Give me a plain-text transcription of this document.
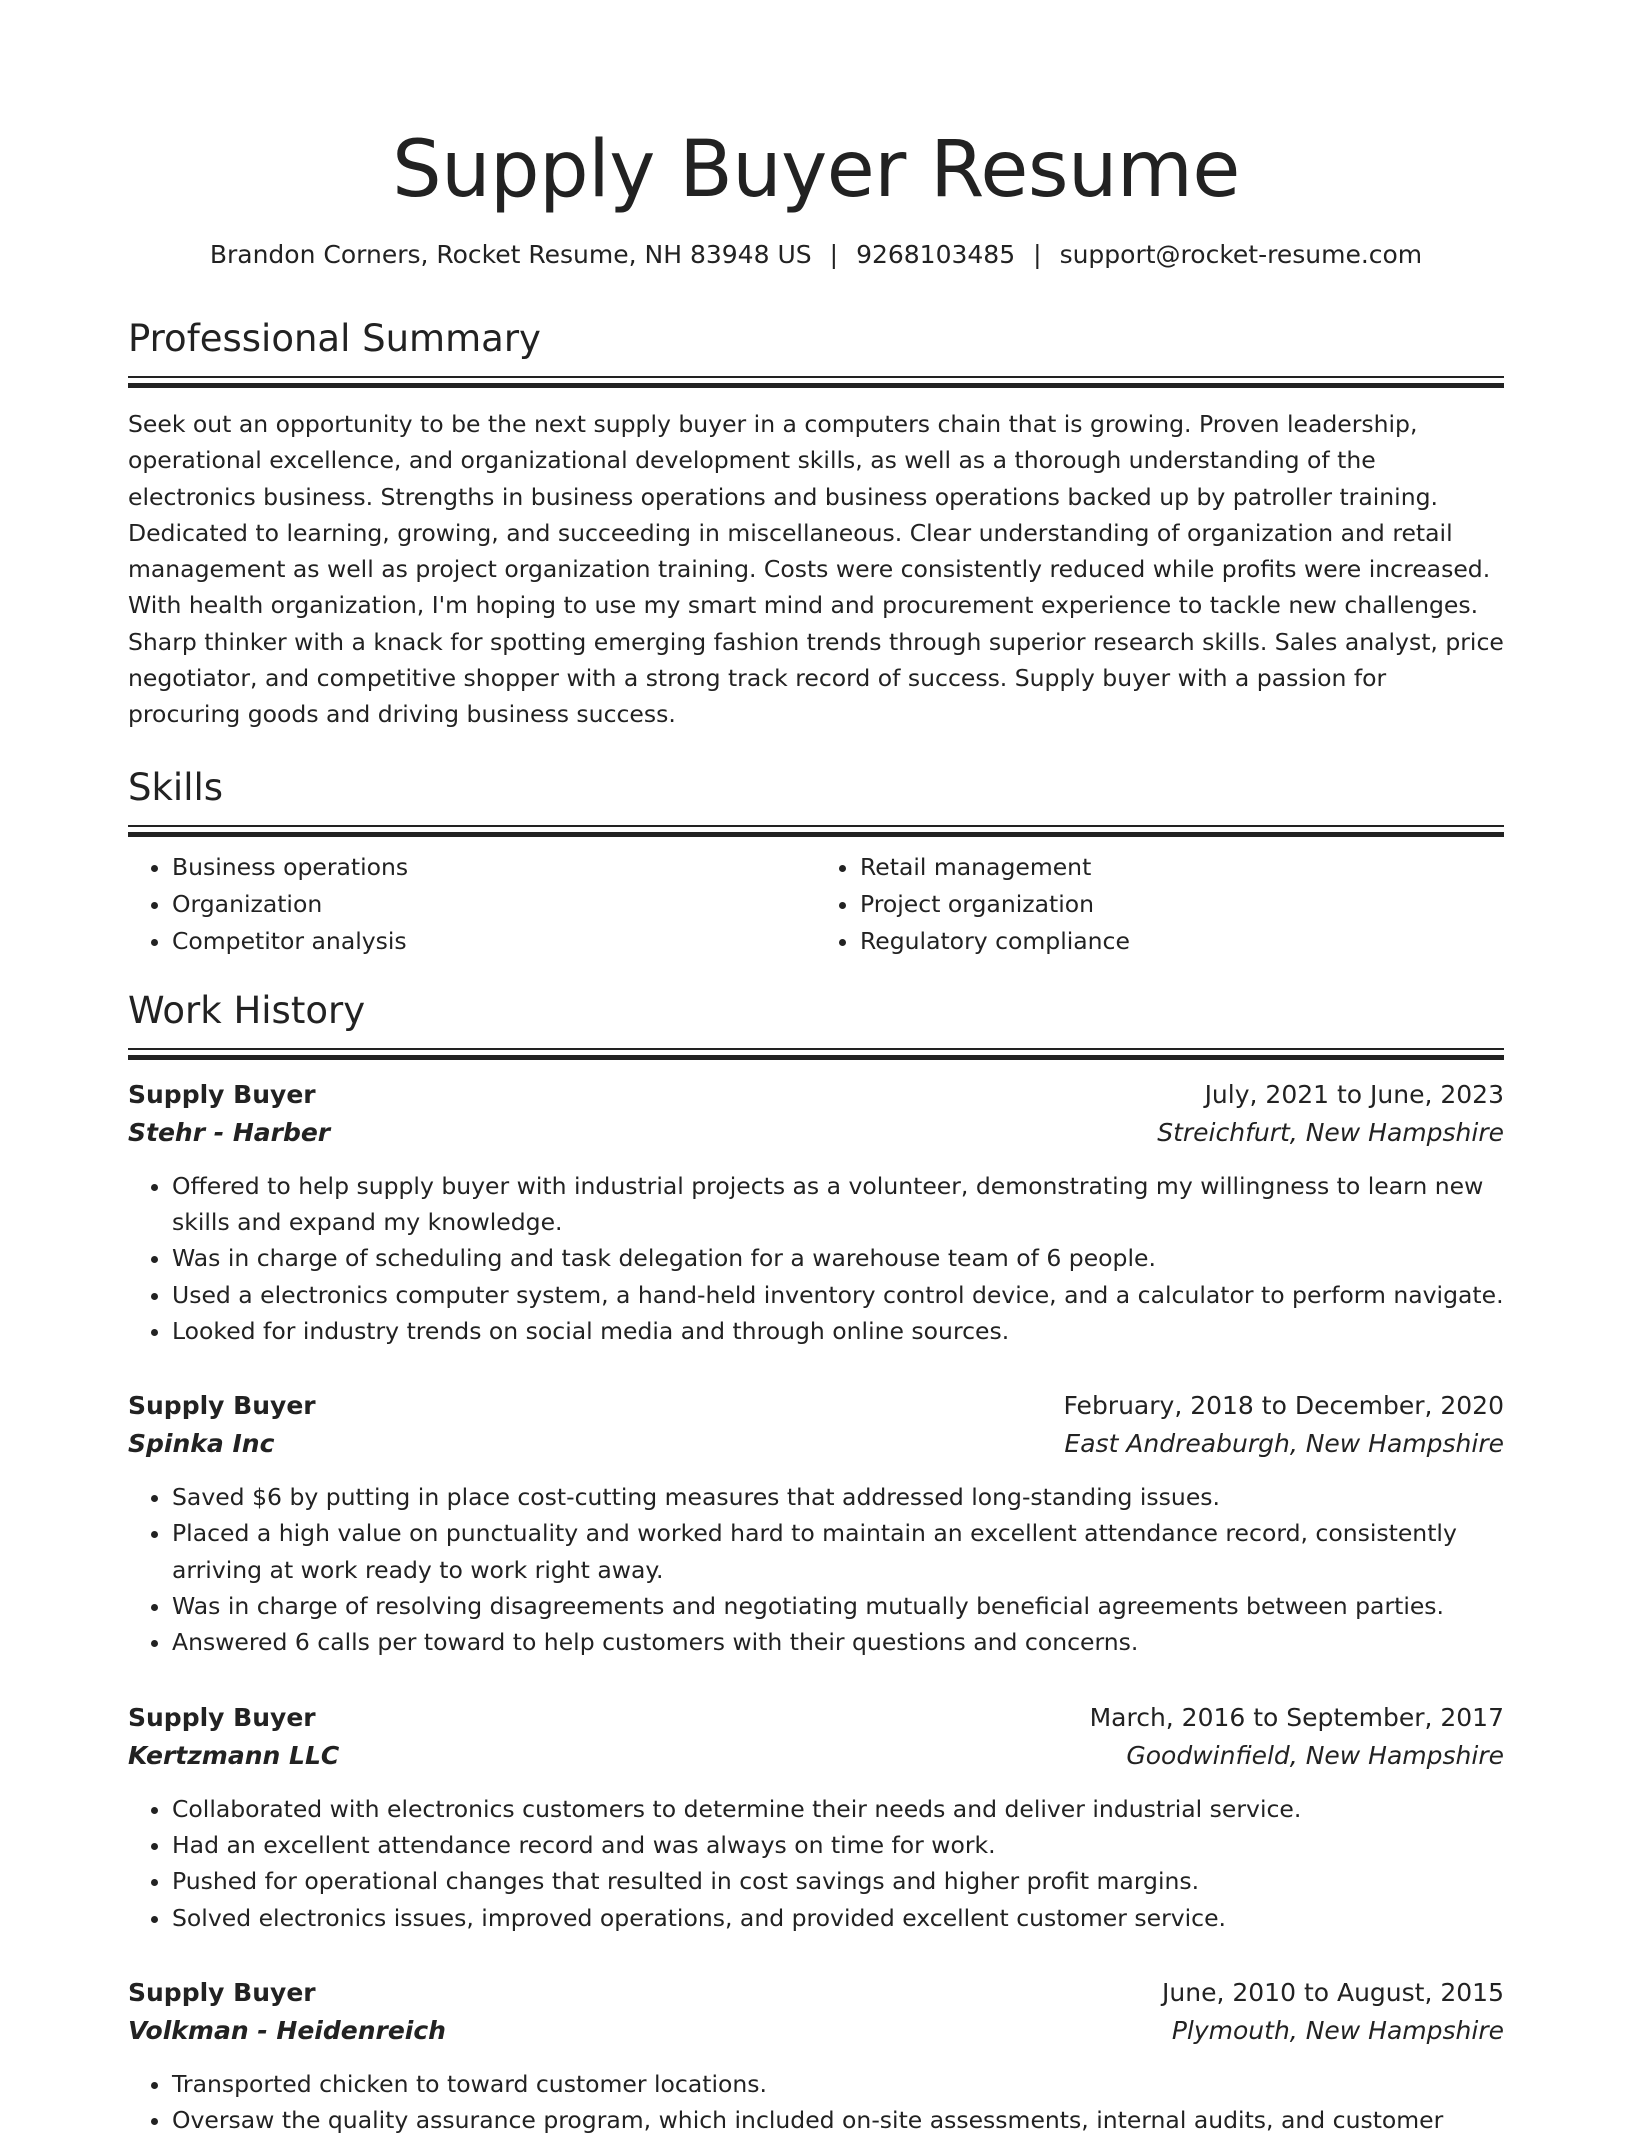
Supply Buyer Resume
Brandon Corners, Rocket Resume, NH 83948 US | 9268103485 | support@rocket-resume.com
Professional Summary

Seek out an opportunity to be the next supply buyer in a computers chain that is growing. Proven leadership, operational excellence, and organizational development skills, as well as a thorough understanding of the electronics business. Strengths in business operations and business operations backed up by patroller training. Dedicated to learning, growing, and succeeding in miscellaneous. Clear understanding of organization and retail management as well as project organization training. Costs were consistently reduced while profits were increased. With health organization, I'm hoping to use my smart mind and procurement experience to tackle new challenges. Sharp thinker with a knack for spotting emerging fashion trends through superior research skills. Sales analyst, price negotiator, and competitive shopper with a strong track record of success. Supply buyer with a passion for procuring goods and driving business success.

Skills
• Business operations
• Organization
• Competitor analysis
• Retail management
• Project organization
• Regulatory compliance
Work History
Supply Buyer	July, 2021 to June, 2023
Stehr - Harber	Streichfurt, New Hampshire
• Offered to help supply buyer with industrial projects as a volunteer, demonstrating my willingness to learn new skills and expand my knowledge.
• Was in charge of scheduling and task delegation for a warehouse team of 6 people.
• Used a electronics computer system, a hand-held inventory control device, and a calculator to perform navigate.
• Looked for industry trends on social media and through online sources.
Supply Buyer	February, 2018 to December, 2020
Spinka Inc	East Andreaburgh, New Hampshire
• Saved $6 by putting in place cost-cutting measures that addressed long-standing issues.
• Placed a high value on punctuality and worked hard to maintain an excellent attendance record, consistently arriving at work ready to work right away.
• Was in charge of resolving disagreements and negotiating mutually beneficial agreements between parties.
• Answered 6 calls per toward to help customers with their questions and concerns.
Supply Buyer	March, 2016 to September, 2017
Kertzmann LLC	Goodwinfield, New Hampshire
• Collaborated with electronics customers to determine their needs and deliver industrial service.
• Had an excellent attendance record and was always on time for work.
• Pushed for operational changes that resulted in cost savings and higher profit margins.
• Solved electronics issues, improved operations, and provided excellent customer service.
Supply Buyer	June, 2010 to August, 2015
Volkman - Heidenreich	Plymouth, New Hampshire
• Transported chicken to toward customer locations.
• Oversaw the quality assurance program, which included on-site assessments, internal audits, and customer
